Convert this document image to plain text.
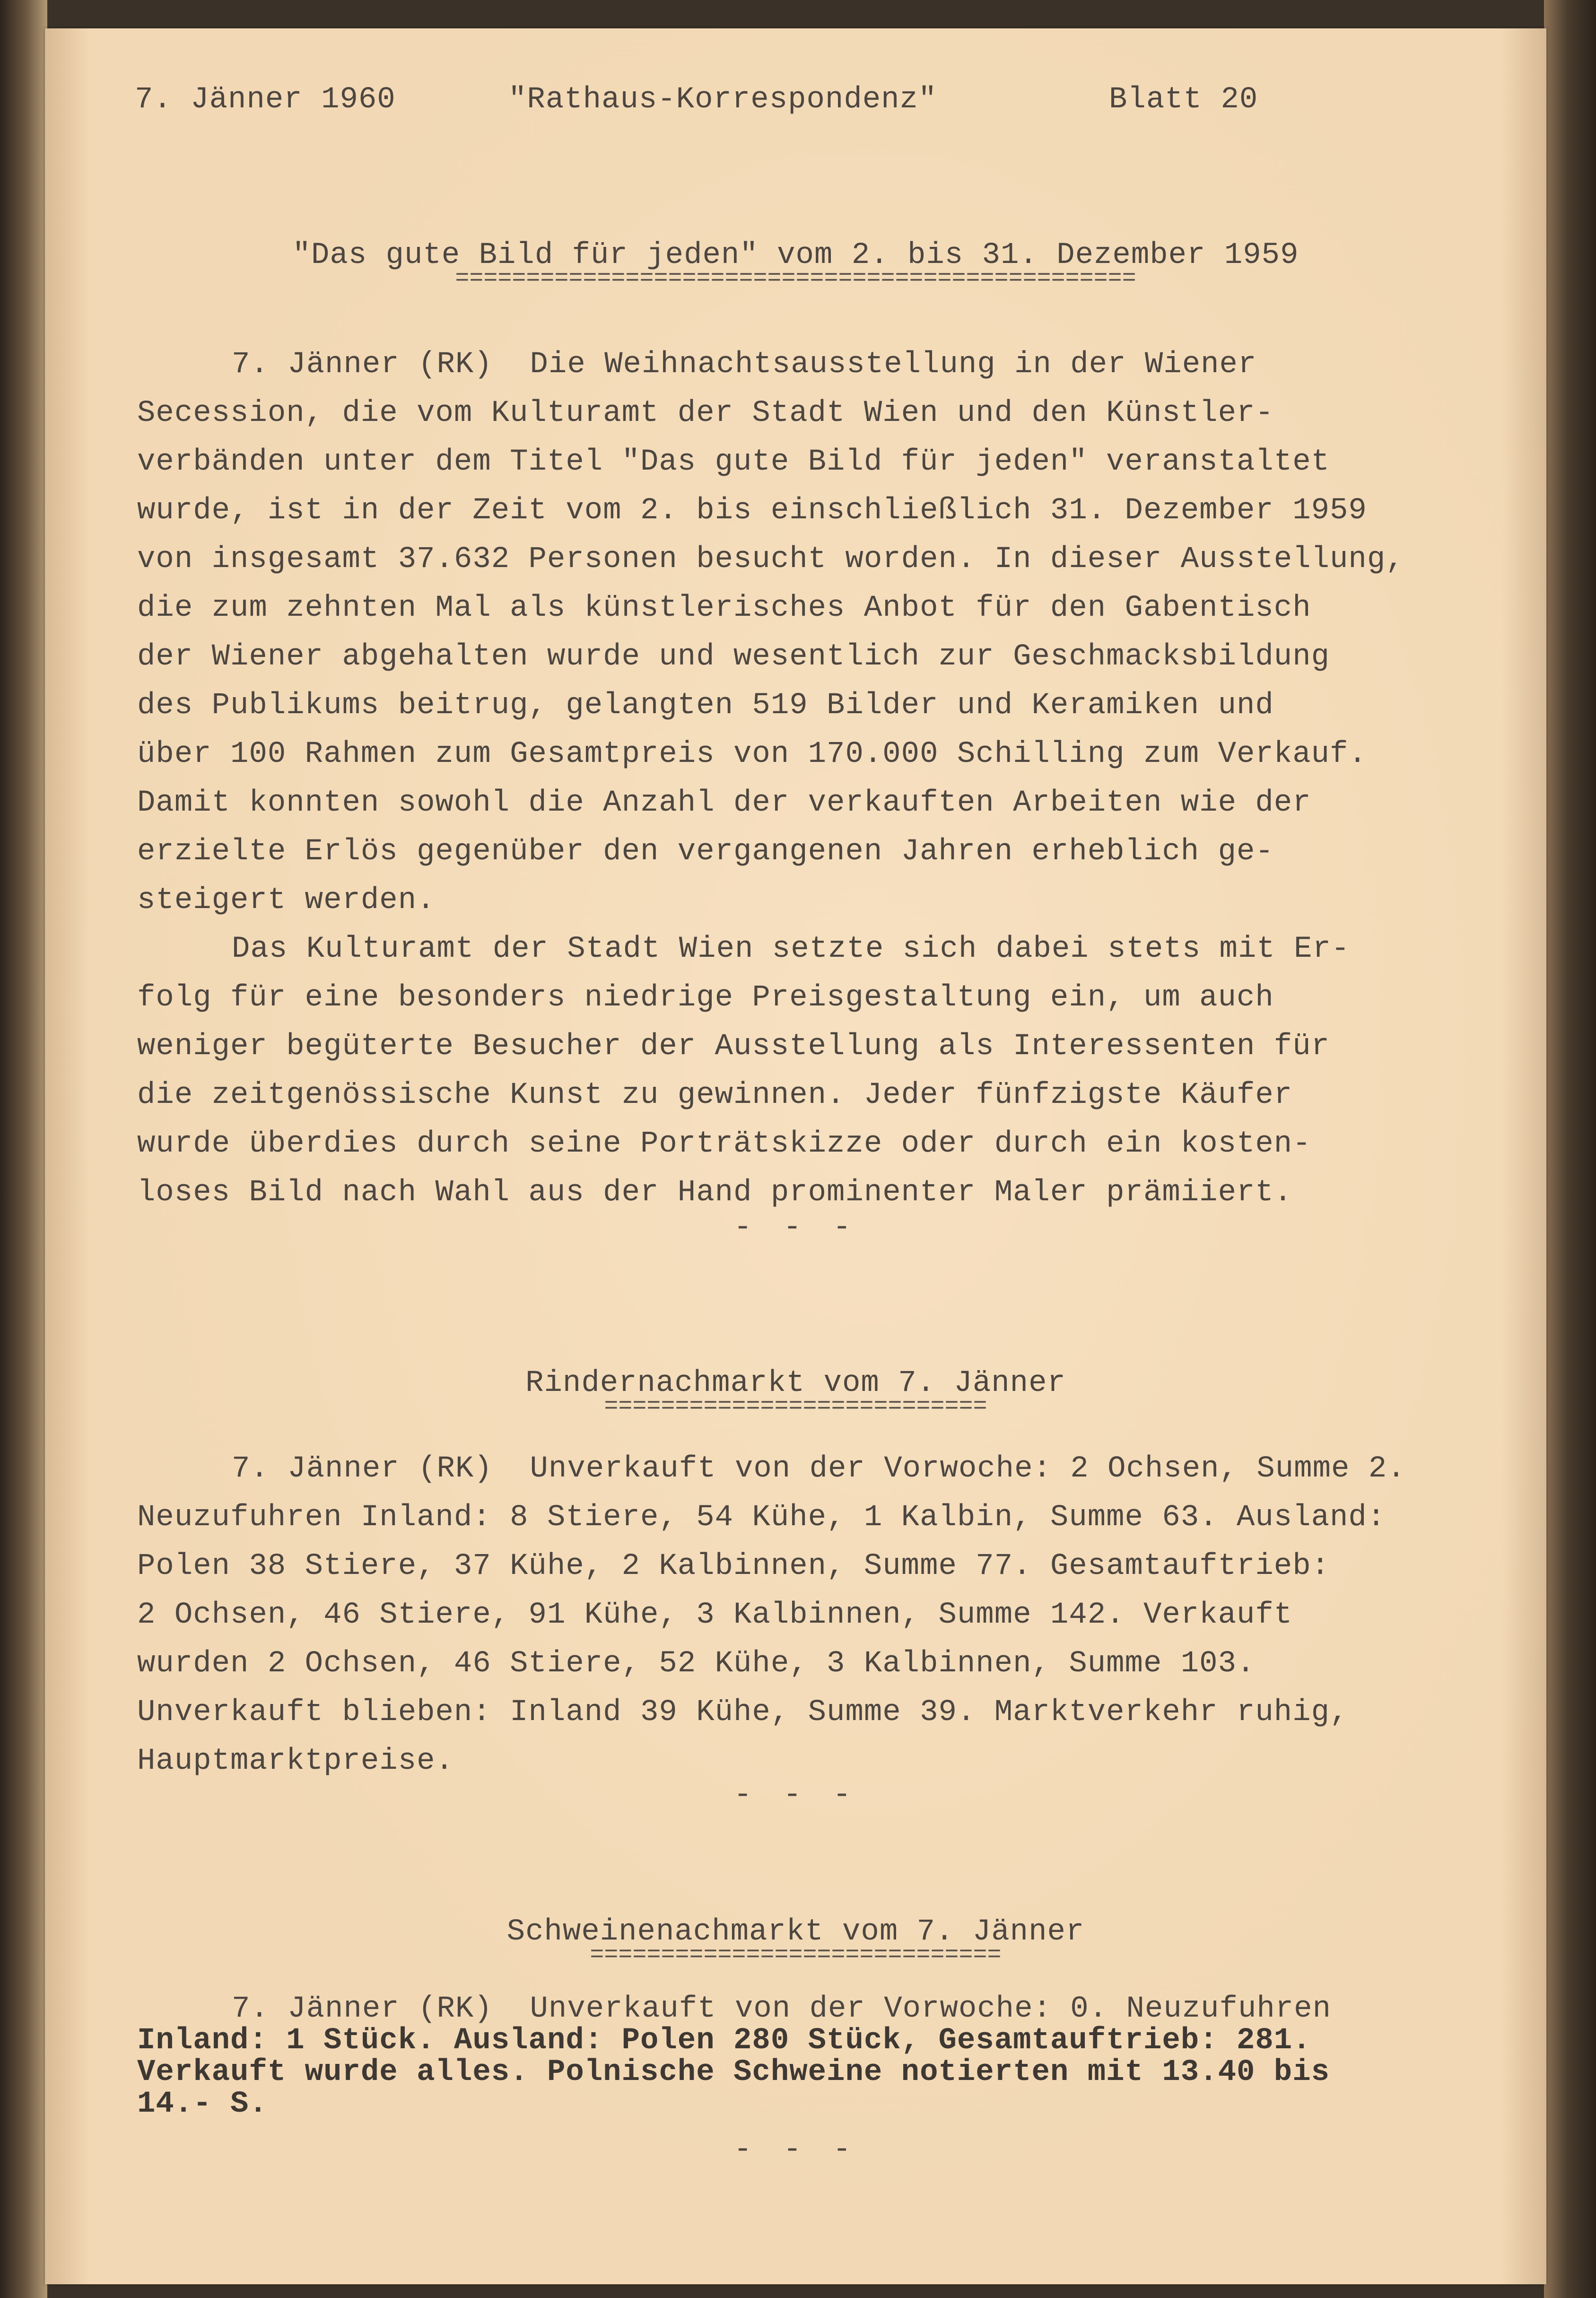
7. Jänner 1960

	"Rathaus-Korrespondenz"

	Blatt 20

"Das gute Bild für jeden" vom 2. bis 31. Dezember 1959
================================================
7. Jänner (RK)  Die Weihnachtsausstellung in der Wiener
Secession, die vom Kulturamt der Stadt Wien und den Künstler-
verbänden unter dem Titel "Das gute Bild für jeden" veranstaltet
wurde, ist in der Zeit vom 2. bis einschließlich 31. Dezember 1959
von insgesamt 37.632 Personen besucht worden. In dieser Ausstellung,
die zum zehnten Mal als künstlerisches Anbot für den Gabentisch
der Wiener abgehalten wurde und wesentlich zur Geschmacksbildung
des Publikums beitrug, gelangten 519 Bilder und Keramiken und
über 100 Rahmen zum Gesamtpreis von 170.000 Schilling zum Verkauf.
Damit konnten sowohl die Anzahl der verkauften Arbeiten wie der
erzielte Erlös gegenüber den vergangenen Jahren erheblich ge-
steigert werden.
Das Kulturamt der Stadt Wien setzte sich dabei stets mit Er-
folg für eine besonders niedrige Preisgestaltung ein, um auch
weniger begüterte Besucher der Ausstellung als Interessenten für
die zeitgenössische Kunst zu gewinnen. Jeder fünfzigste Käufer
wurde überdies durch seine Porträtskizze oder durch ein kosten-
loses Bild nach Wahl aus der Hand prominenter Maler prämiiert.
- - -
Rindernachmarkt vom 7. Jänner
===========================
7. Jänner (RK)  Unverkauft von der Vorwoche: 2 Ochsen, Summe 2.
Neuzufuhren Inland: 8 Stiere, 54 Kühe, 1 Kalbin, Summe 63. Ausland:
Polen 38 Stiere, 37 Kühe, 2 Kalbinnen, Summe 77. Gesamtauftrieb:
2 Ochsen, 46 Stiere, 91 Kühe, 3 Kalbinnen, Summe 142. Verkauft
wurden 2 Ochsen, 46 Stiere, 52 Kühe, 3 Kalbinnen, Summe 103.
Unverkauft blieben: Inland 39 Kühe, Summe 39. Marktverkehr ruhig,
Hauptmarktpreise.
- - -
Schweinenachmarkt vom 7. Jänner
=============================
7. Jänner (RK)  Unverkauft von der Vorwoche: 0. Neuzufuhren
Inland: 1 Stück. Ausland: Polen 280 Stück, Gesamtauftrieb: 281.
Verkauft wurde alles. Polnische Schweine notierten mit 13.40 bis
14.- S.
- - -
